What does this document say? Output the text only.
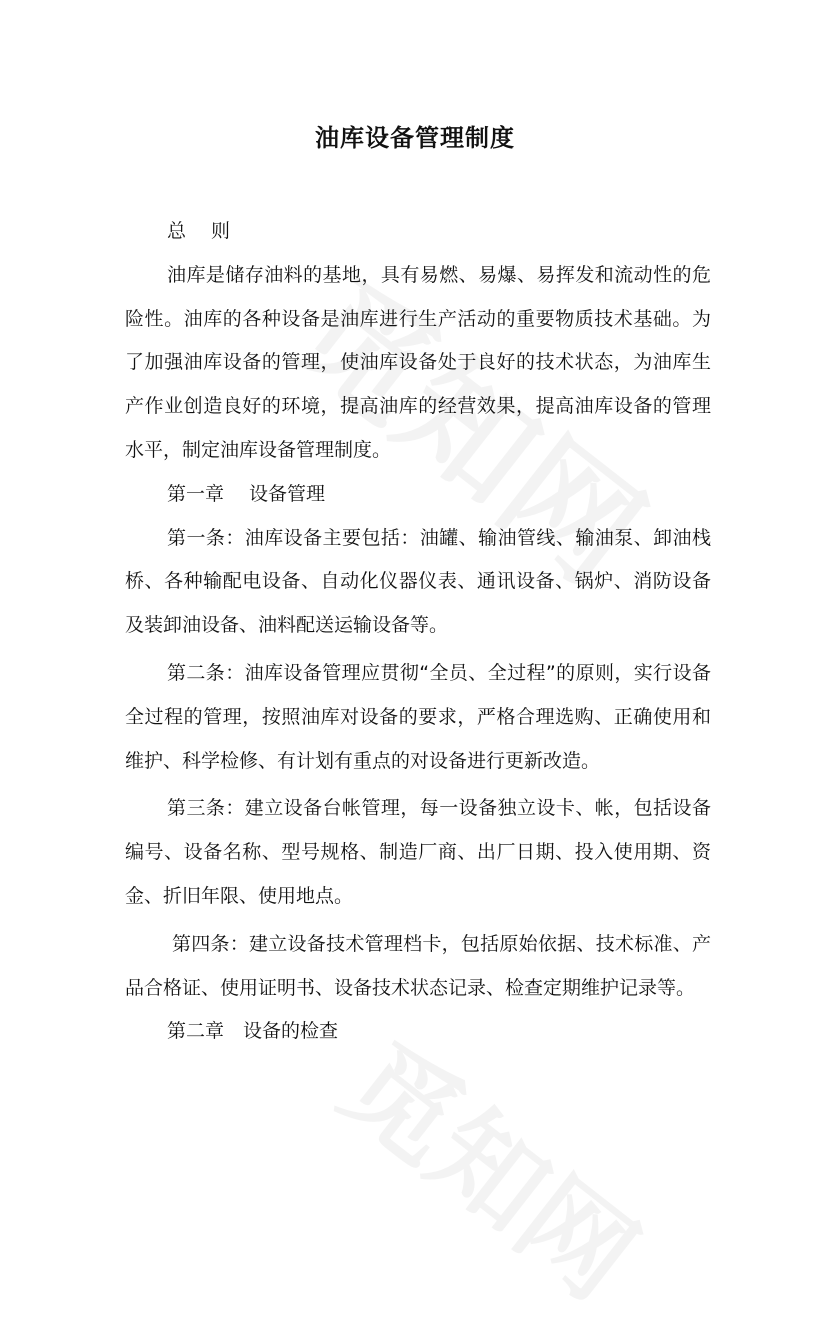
油库设备管理制度

总　 则

油库是储存油料的基地，具有易燃、易爆、易挥发和流动性的危险性。油库的各种设备是油库进行生产活动的重要物质技术基础。为了加强油库设备的管理，使油库设备处于良好的技术状态，为油库生产作业创造良好的环境，提高油库的经营效果，提高油库设备的管理水平，制定油库设备管理制度。

第一章　 设备管理

第一条：油库设备主要包括：油罐、输油管线、输油泵、卸油栈桥、各种输配电设备、自动化仪器仪表、通讯设备、锅炉、消防设备及装卸油设备、油料配送运输设备等。

第二条：油库设备管理应贯彻“全员、全过程”的原则，实行设备全过程的管理，按照油库对设备的要求，严格合理选购、正确使用和维护、科学检修、有计划有重点的对设备进行更新改造。

第三条：建立设备台帐管理，每一设备独立设卡、帐，包括设备编号、设备名称、型号规格、制造厂商、出厂日期、投入使用期、资金、折旧年限、使用地点。

第四条：建立设备技术管理档卡，包括原始依据、技术标准、产品合格证、使用证明书、设备技术状态记录、检查定期维护记录等。

第二章　设备的检查
